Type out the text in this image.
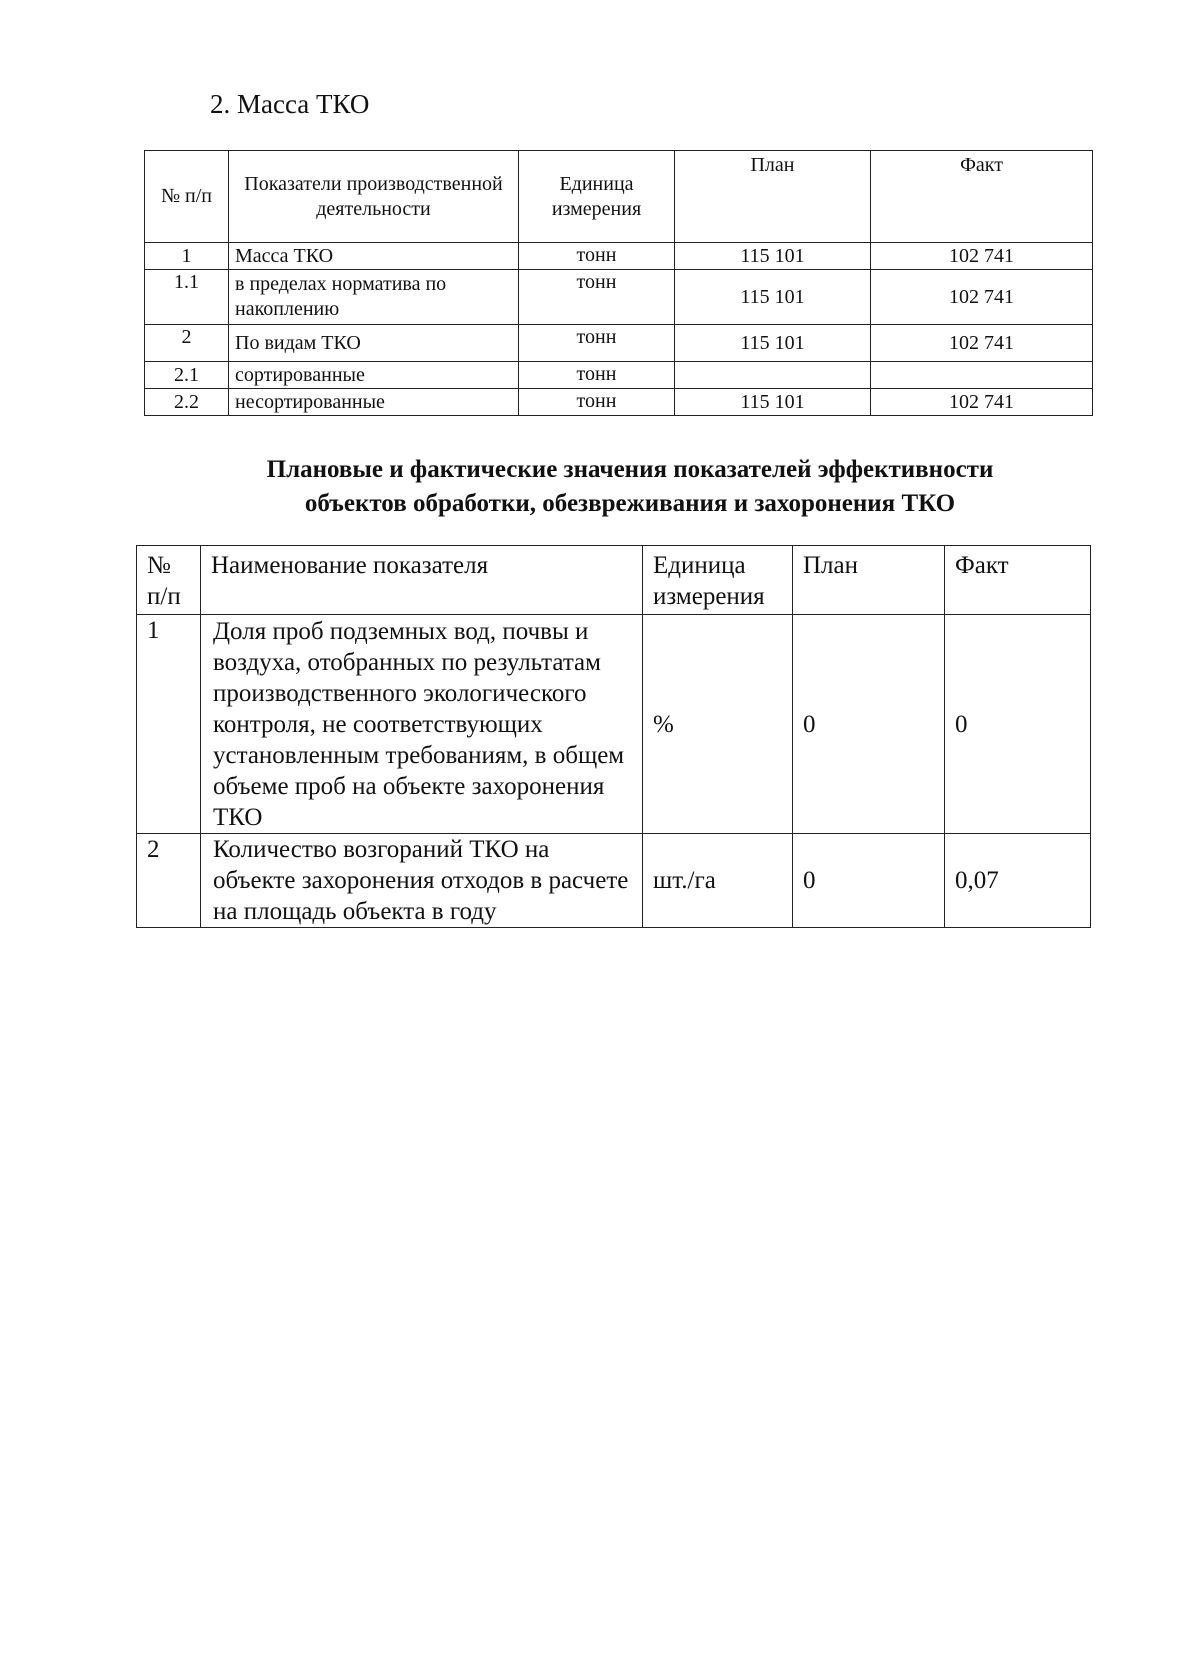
2. Масса ТКО
№ п/п	Показатели производственной деятельности	Единица измерения	План	Факт
1	Масса ТКО	тонн	115 101	102 741
1.1	в пределах норматива по накоплению	тонн	115 101	102 741
2	По видам ТКО	тонн	115 101	102 741
2.1	сортированные	тонн		
2.2	несортированные	тонн	115 101	102 741
Плановые и фактические значения показателей эффективности
объектов обработки, обезвреживания и захоронения ТКО
№ п/п	Наименование показателя	Единица измерения	План	Факт
1	Доля проб подземных вод, почвы и воздуха, отобранных по результатам производственного экологического контроля, не соответствующих установленным требованиям, в общем объеме проб на объекте захоронения ТКО	%	0	0
2	Количество возгораний ТКО на объекте захоронения отходов в расчете на площадь объекта в году	шт./га	0	0,07
